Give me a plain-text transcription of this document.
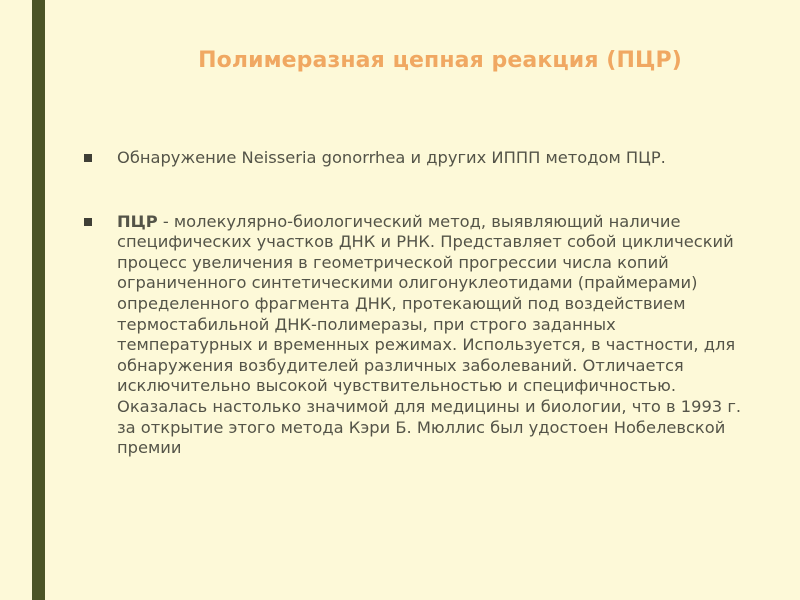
Полимеразная цепная реакция (ПЦР)
Обнаружение Neisseria gonorrhea и других ИППП методом ПЦР.
ПЦР - молекулярно-биологический метод, выявляющий наличие специфических участков ДНК и РНК. Представляет собой циклический процесс увеличения в геометрической прогрессии числа копий ограниченного синтетическими олигонуклеотидами (праймерами) определенного фрагмента ДНК, протекающий под воздействием термостабильной ДНК-полимеразы, при строго заданных температурных и временных режимах. Используется, в частности, для обнаружения возбудителей различных заболеваний. Отличается исключительно высокой чувствительностью и специфичностью. Оказалась настолько значимой для медицины и биологии, что в 1993 г. за открытие этого метода Кэри Б. Мюллис был удостоен Нобелевской премии
